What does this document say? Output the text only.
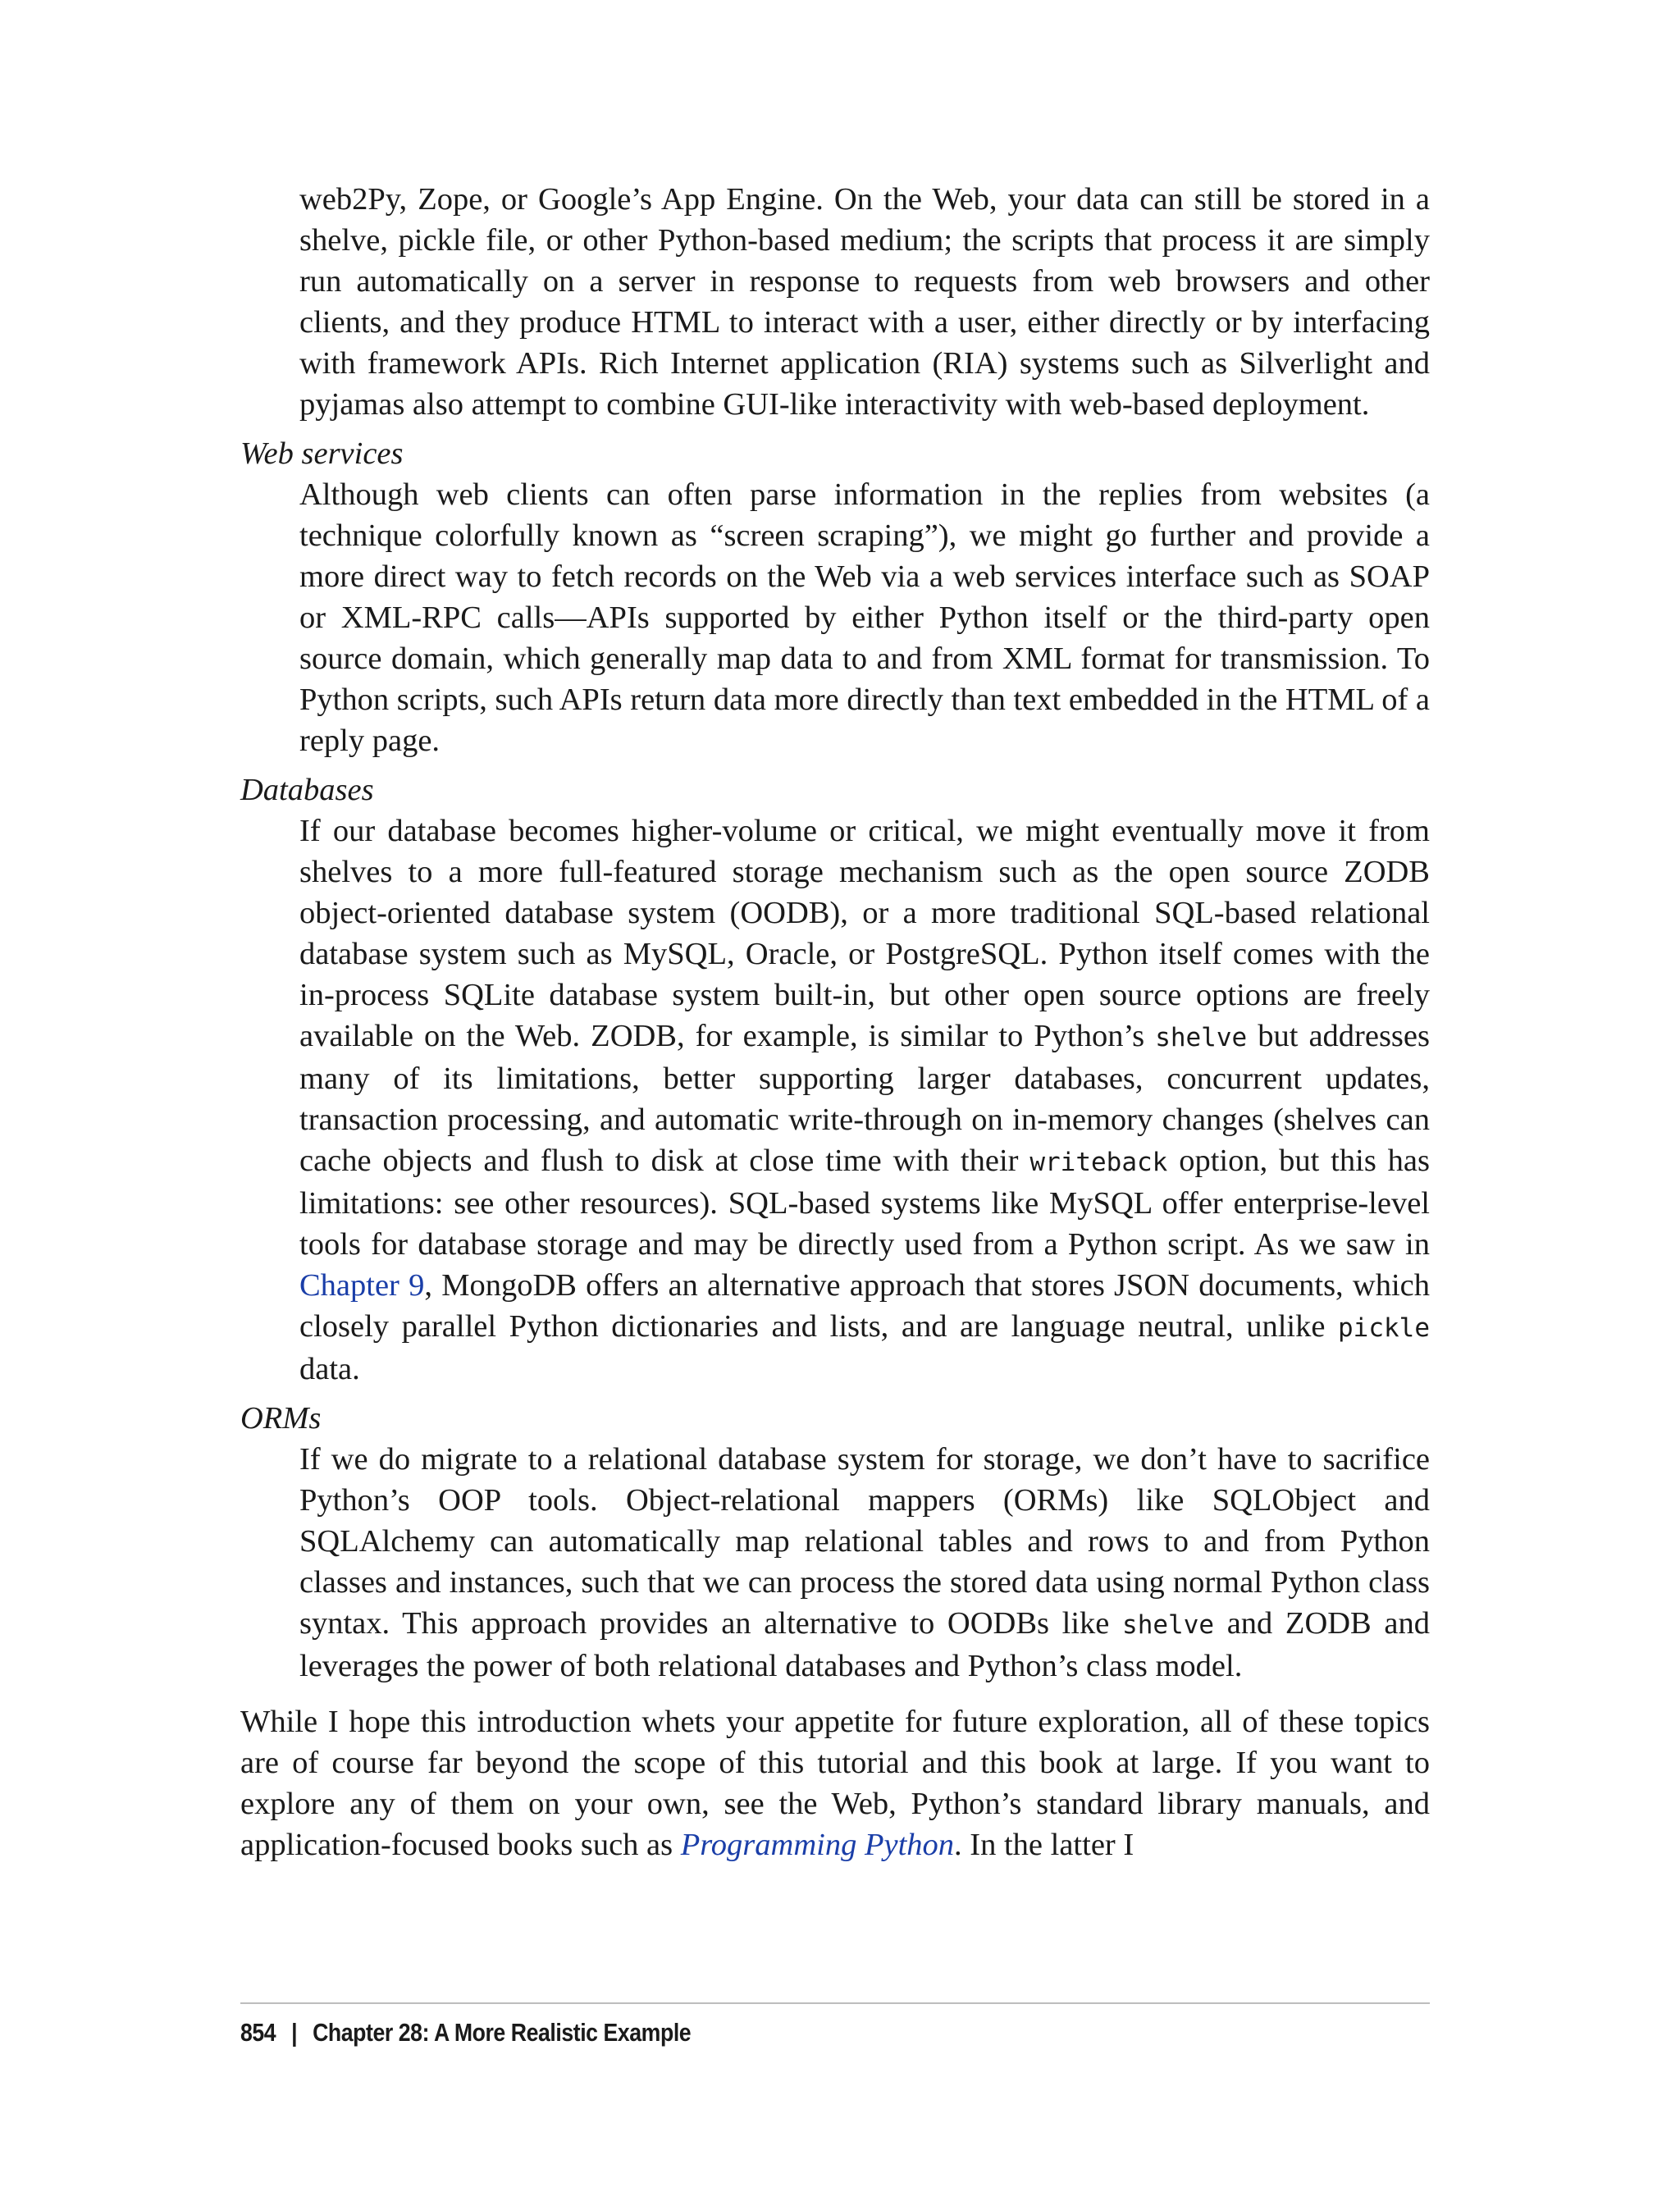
web2Py, Zope, or Google’s App Engine. On the Web, your data can still be stored in a shelve, pickle file, or other Python-based medium; the scripts that process it are simply run automatically on a server in response to requests from web browsers and other clients, and they produce HTML to interact with a user, either directly or by interfacing with framework APIs. Rich Internet application (RIA) systems such as Silverlight and pyjamas also attempt to combine GUI-like interactivity with web-based deployment.

Web services

Although web clients can often parse information in the replies from websites (a technique colorfully known as “screen scraping”), we might go further and provide a more direct way to fetch records on the Web via a web services interface such as SOAP or XML-RPC calls—APIs supported by either Python itself or the third-party open source domain, which generally map data to and from XML format for transmission. To Python scripts, such APIs return data more directly than text embedded in the HTML of a reply page.

Databases

If our database becomes higher-volume or critical, we might eventually move it from shelves to a more full-featured storage mechanism such as the open source ZODB object-oriented database system (OODB), or a more traditional SQL-based relational database system such as MySQL, Oracle, or PostgreSQL. Python itself comes with the in-process SQLite database system built-in, but other open source options are freely available on the Web. ZODB, for example, is similar to Python’s shelve but addresses many of its limitations, better supporting larger databases, concurrent updates, transaction processing, and automatic write-through on in-memory changes (shelves can cache objects and flush to disk at close time with their writeback option, but this has limitations: see other resources). SQL-based systems like MySQL offer enterprise-level tools for database storage and may be directly used from a Python script. As we saw in Chapter 9, MongoDB offers an alternative approach that stores JSON documents, which closely parallel Python dictionaries and lists, and are language neutral, unlike pickle data.

ORMs

If we do migrate to a relational database system for storage, we don’t have to sacrifice Python’s OOP tools. Object-relational mappers (ORMs) like SQLObject and SQLAlchemy can automatically map relational tables and rows to and from Python classes and instances, such that we can process the stored data using normal Python class syntax. This approach provides an alternative to OODBs like shelve and ZODB and leverages the power of both relational databases and Python’s class model.

While I hope this introduction whets your appetite for future exploration, all of these topics are of course far beyond the scope of this tutorial and this book at large. If you want to explore any of them on your own, see the Web, Python’s standard library manuals, and application-focused books such as Programming Python. In the latter I

854 | Chapter 28: A More Realistic Example
